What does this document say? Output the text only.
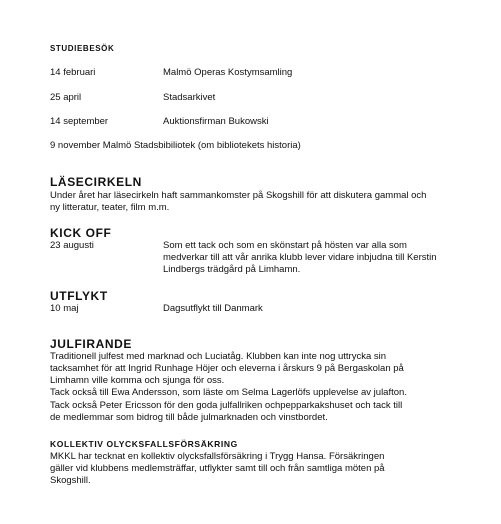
STUDIEBESÖK
14 februari	Malmö Operas Kostymsamling
25 april	Stadsarkivet
14 september	Auktionsfirman Bukowski
9 november Malmö Stadsbibiliotek (om bibliotekets historia)
LÄSECIRKELN
Under året har läsecirkeln haft sammankomster på Skogshill för att diskutera gammal och
ny litteratur, teater, film m.m.
KICK OFF
23 augusti	Som ett tack och som en skönstart på hösten var alla som
medverkar till att vår anrika klubb lever vidare inbjudna till Kerstin
Lindbergs trädgård på Limhamn.
UTFLYKT
10 maj	Dagsutflykt till Danmark
JULFIRANDE
Traditionell julfest med marknad och Luciatåg. Klubben kan inte nog uttrycka sin
tacksamhet för att Ingrid Runhage Höjer och eleverna i årskurs 9 på Bergaskolan på
Limhamn ville komma och sjunga för oss.
Tack också till Ewa Andersson, som läste om Selma Lagerlöfs upplevelse av julafton.
Tack också Peter Ericsson för den goda julfallriken ochpepparkakshuset och tack till
de medlemmar som bidrog till både julmarknaden och vinstbordet.
KOLLEKTIV OLYCKSFALLSFÖRSÄKRING
MKKL har tecknat en kollektiv olycksfallsförsäkring i Trygg Hansa. Försäkringen
gäller vid klubbens medlemsträffar, utflykter samt till och från samtliga möten på
Skogshill.
